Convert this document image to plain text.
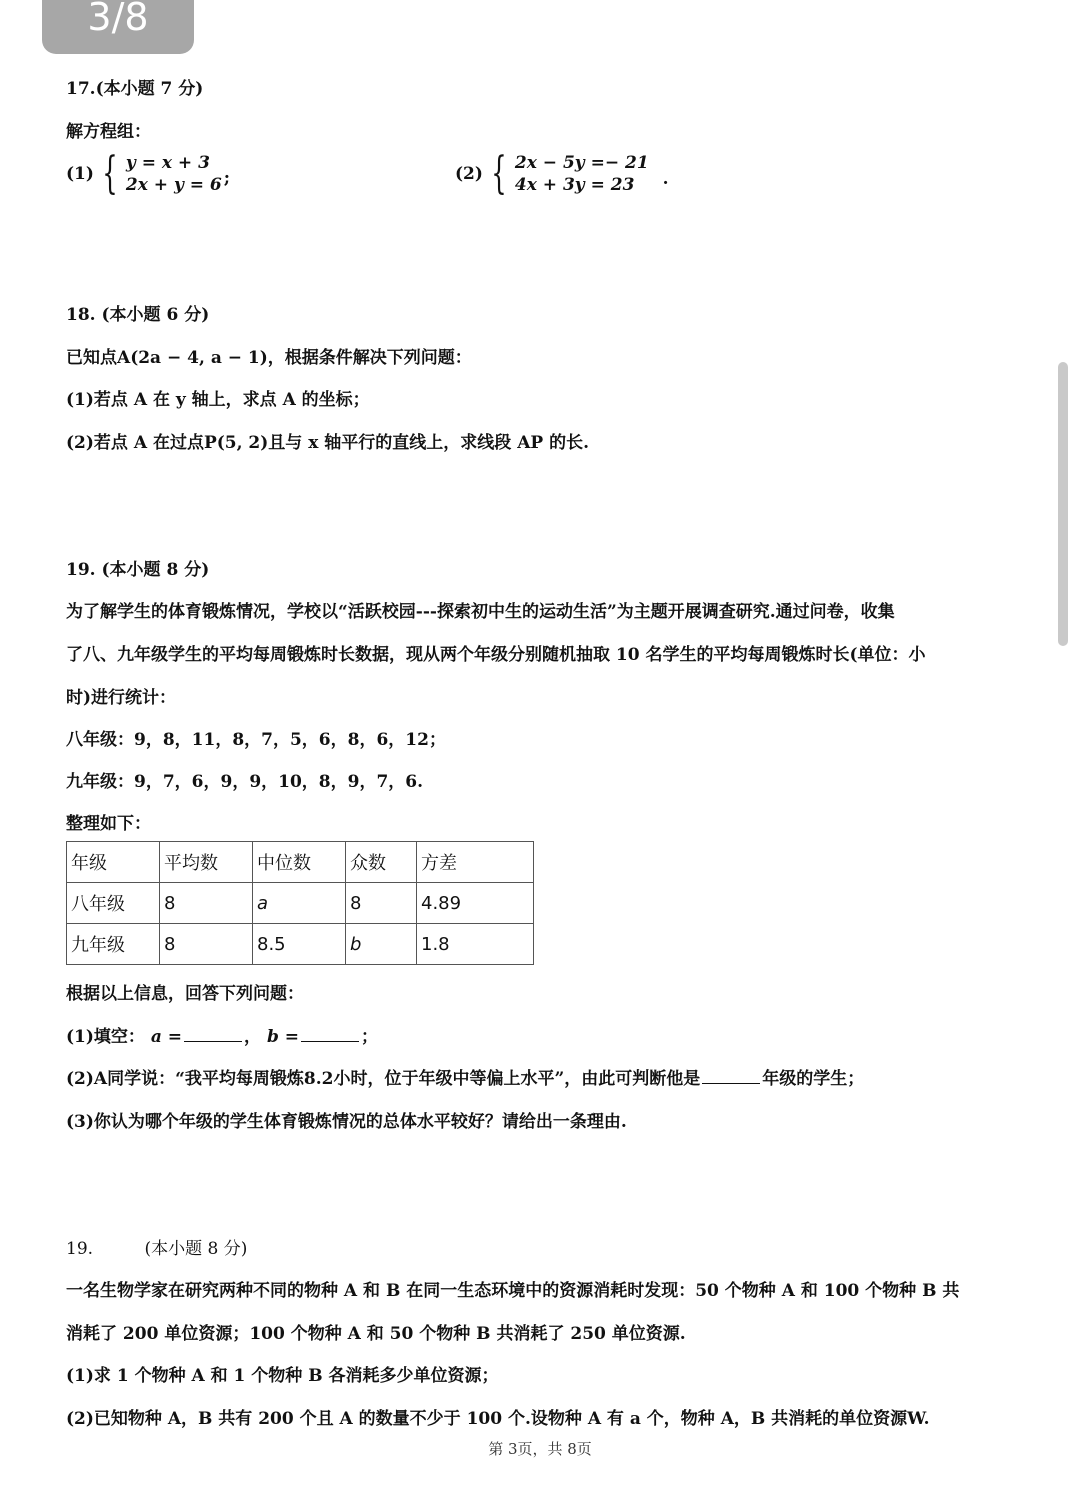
3/8
17.(本小题 7 分)
解方程组：
(1) { y = x + 3
2x + y = 6 ;	(2) { 2x − 5y =− 21
4x + 3y = 23	.
18. (本小题 6 分)
已知点A(2a − 4, a − 1)，根据条件解决下列问题：
(1)若点 A 在 y 轴上，求点 A 的坐标；
(2)若点 A 在过点P(5, 2)且与 x 轴平行的直线上，求线段 AP 的长.
19. (本小题 8 分)
为了解学生的体育锻炼情况，学校以“活跃校园---探索初中生的运动生活”为主题开展调查研究.通过问卷，收集
了八、九年级学生的平均每周锻炼时长数据，现从两个年级分别随机抽取 10 名学生的平均每周锻炼时长(单位：小
时)进行统计：
八年级：9，8，11，8，7，5，6，8，6，12；
九年级：9，7，6，9，9，10，8，9，7，6.
整理如下：
年级	平均数	中位数	众数	方差
八年级	8	a	8	4.89
九年级	8	8.5	b	1.8
根据以上信息，回答下列问题：
(1)填空： a =	， b =	；
(2)A同学说：“我平均每周锻炼8.2小时，位于年级中等偏上水平”，由此可判断他是	年级的学生；
(3)你认为哪个年级的学生体育锻炼情况的总体水平较好？请给出一条理由.
19.	(本小题 8 分)
一名生物学家在研究两种不同的物种 A 和 B 在同一生态环境中的资源消耗时发现：50 个物种 A 和 100 个物种 B 共
消耗了 200 单位资源；100 个物种 A 和 50 个物种 B 共消耗了 250 单位资源.
(1)求 1 个物种 A 和 1 个物种 B 各消耗多少单位资源；
(2)已知物种 A，B 共有 200 个且 A 的数量不少于 100 个.设物种 A 有 a 个，物种 A，B 共消耗的单位资源W.
第 3页，共 8页
